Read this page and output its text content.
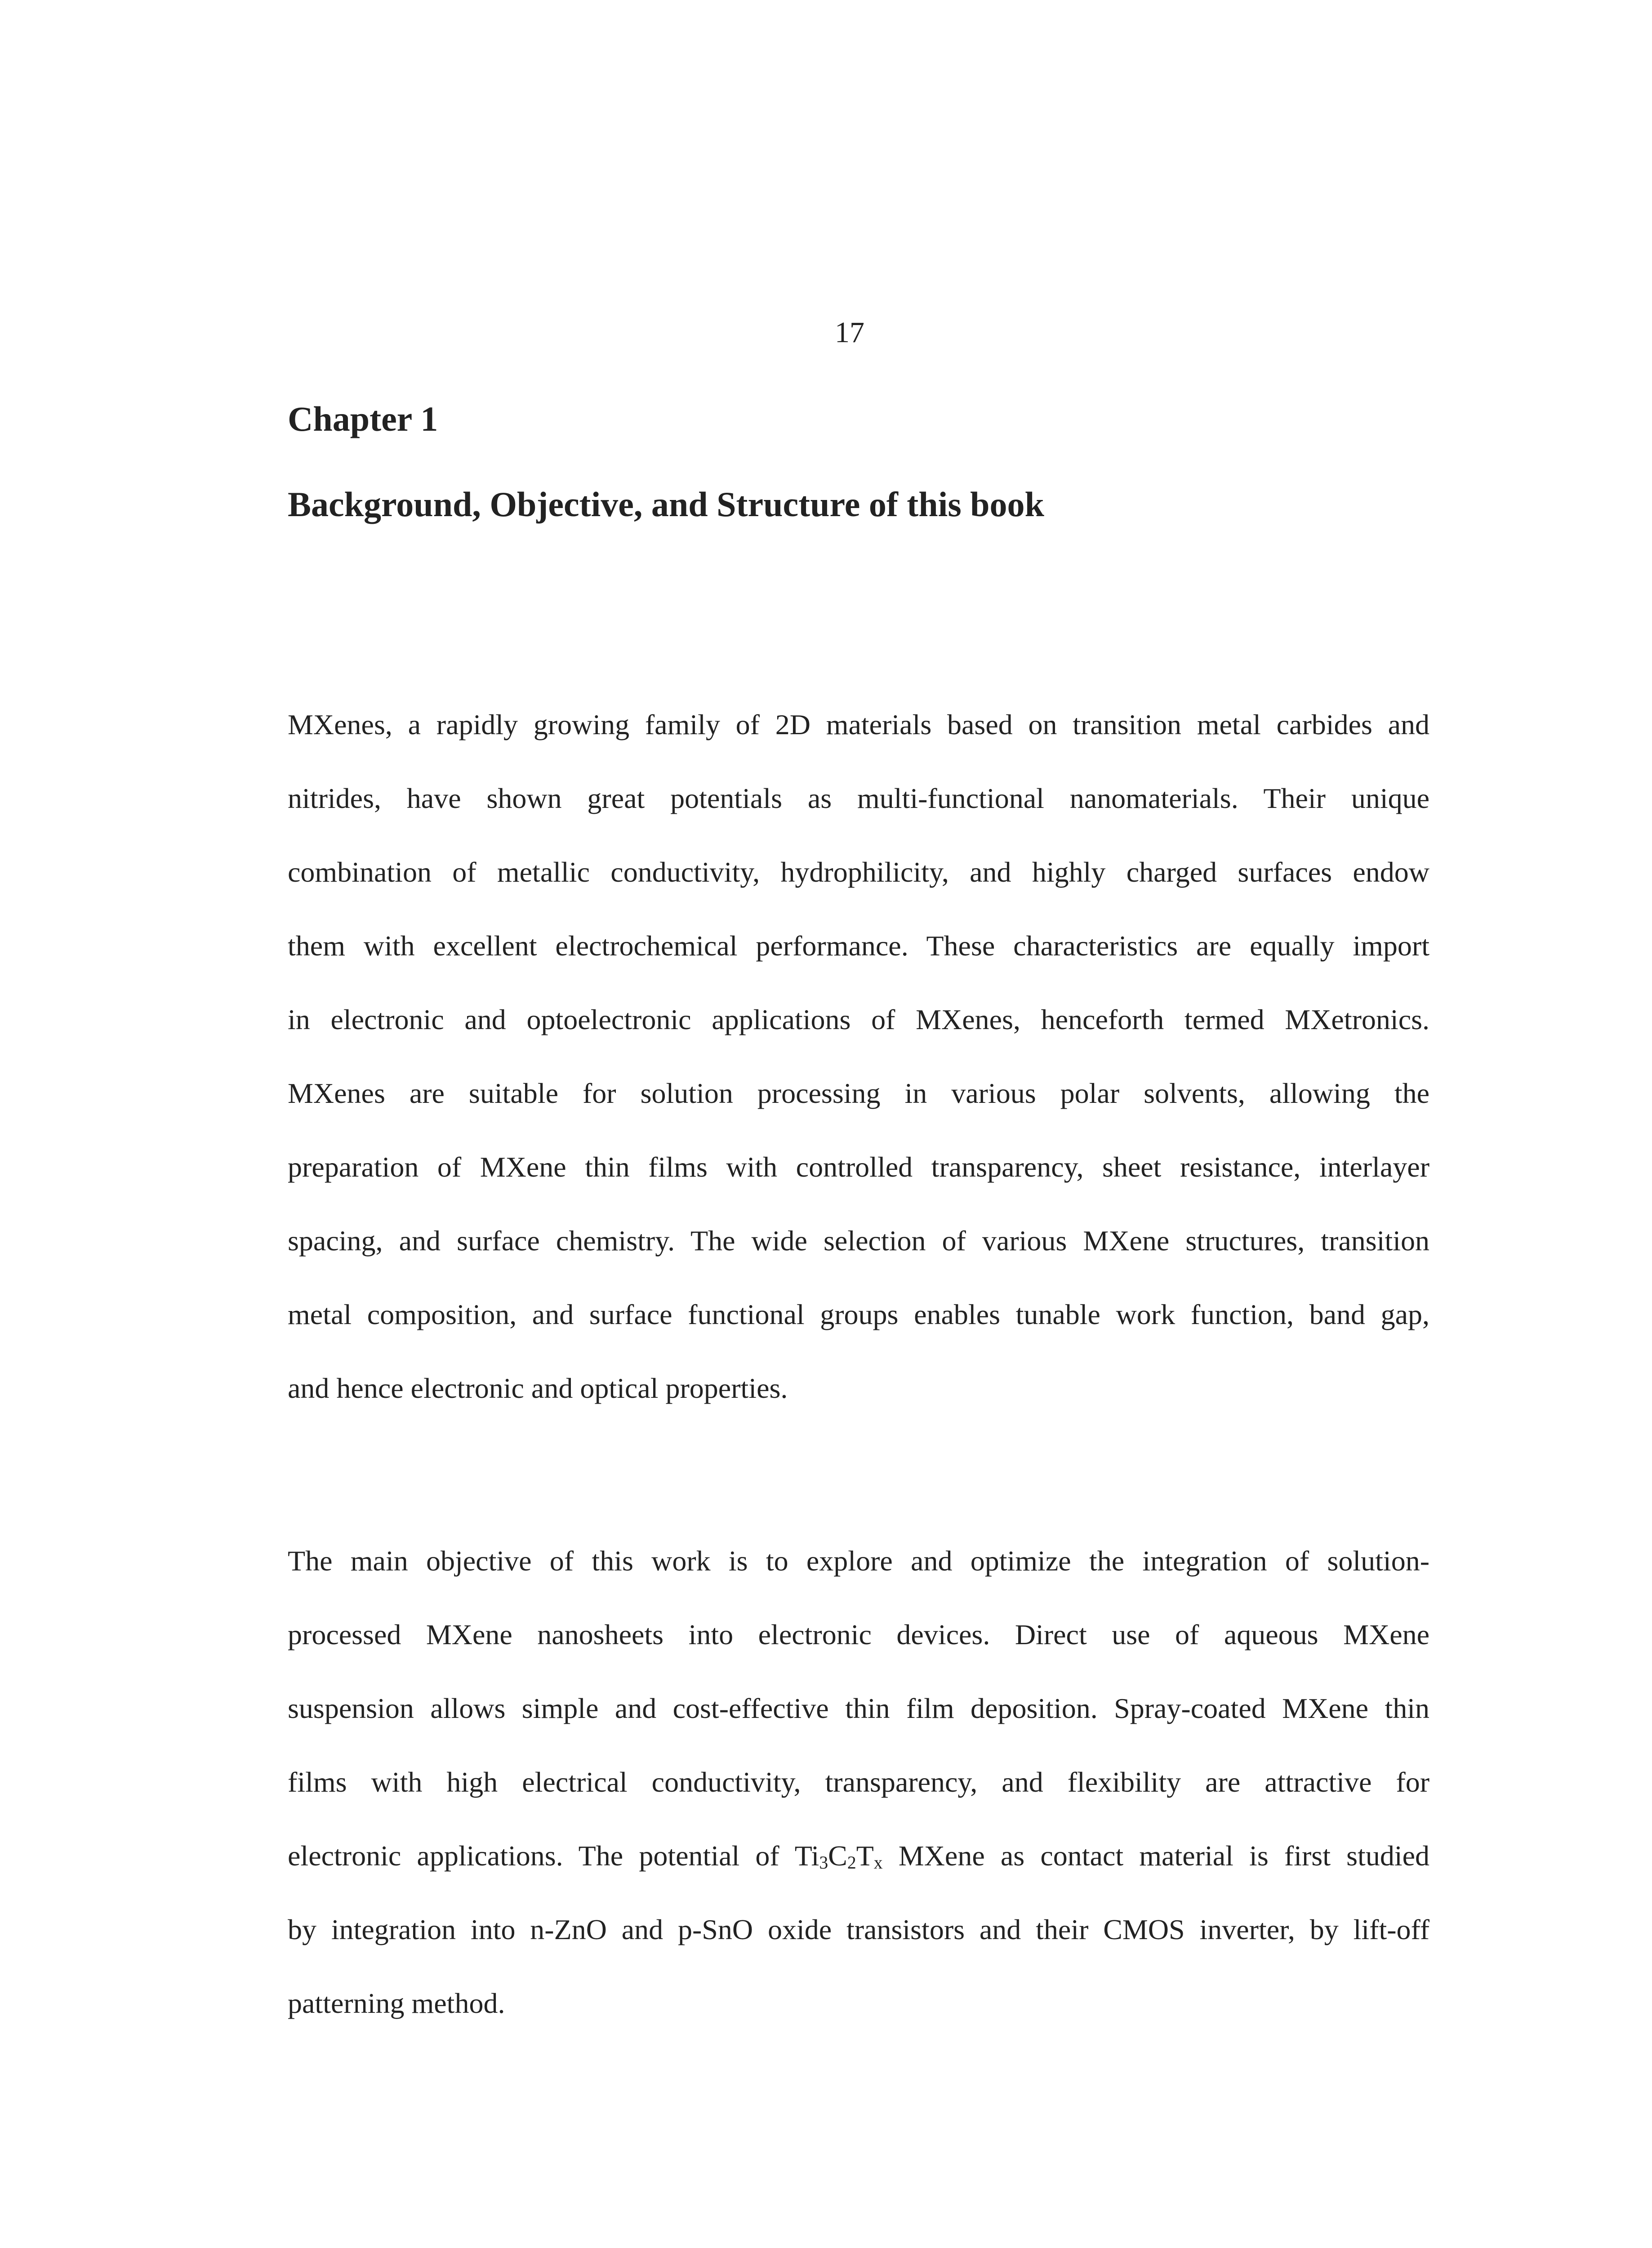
17

Chapter 1
Background, Objective, and Structure of this book
MXenes, a rapidly growing family of 2D materials based on transition metal carbides and
nitrides, have shown great potentials as multi-functional nanomaterials. Their unique
combination of metallic conductivity, hydrophilicity, and highly charged surfaces endow
them with excellent electrochemical performance. These characteristics are equally import
in electronic and optoelectronic applications of MXenes, henceforth termed MXetronics.
MXenes are suitable for solution processing in various polar solvents, allowing the
preparation of MXene thin films with controlled transparency, sheet resistance, interlayer
spacing, and surface chemistry. The wide selection of various MXene structures, transition
metal composition, and surface functional groups enables tunable work function, band gap,
and hence electronic and optical properties.
The main objective of this work is to explore and optimize the integration of solution-
processed MXene nanosheets into electronic devices. Direct use of aqueous MXene
suspension allows simple and cost-effective thin film deposition. Spray-coated MXene thin
films with high electrical conductivity, transparency, and flexibility are attractive for
electronic applications. The potential of $Ti_3C_2T_x$ MXene as contact material is first studied
by integration into n-ZnO and p-SnO oxide transistors and their CMOS inverter, by lift-off
patterning method.
